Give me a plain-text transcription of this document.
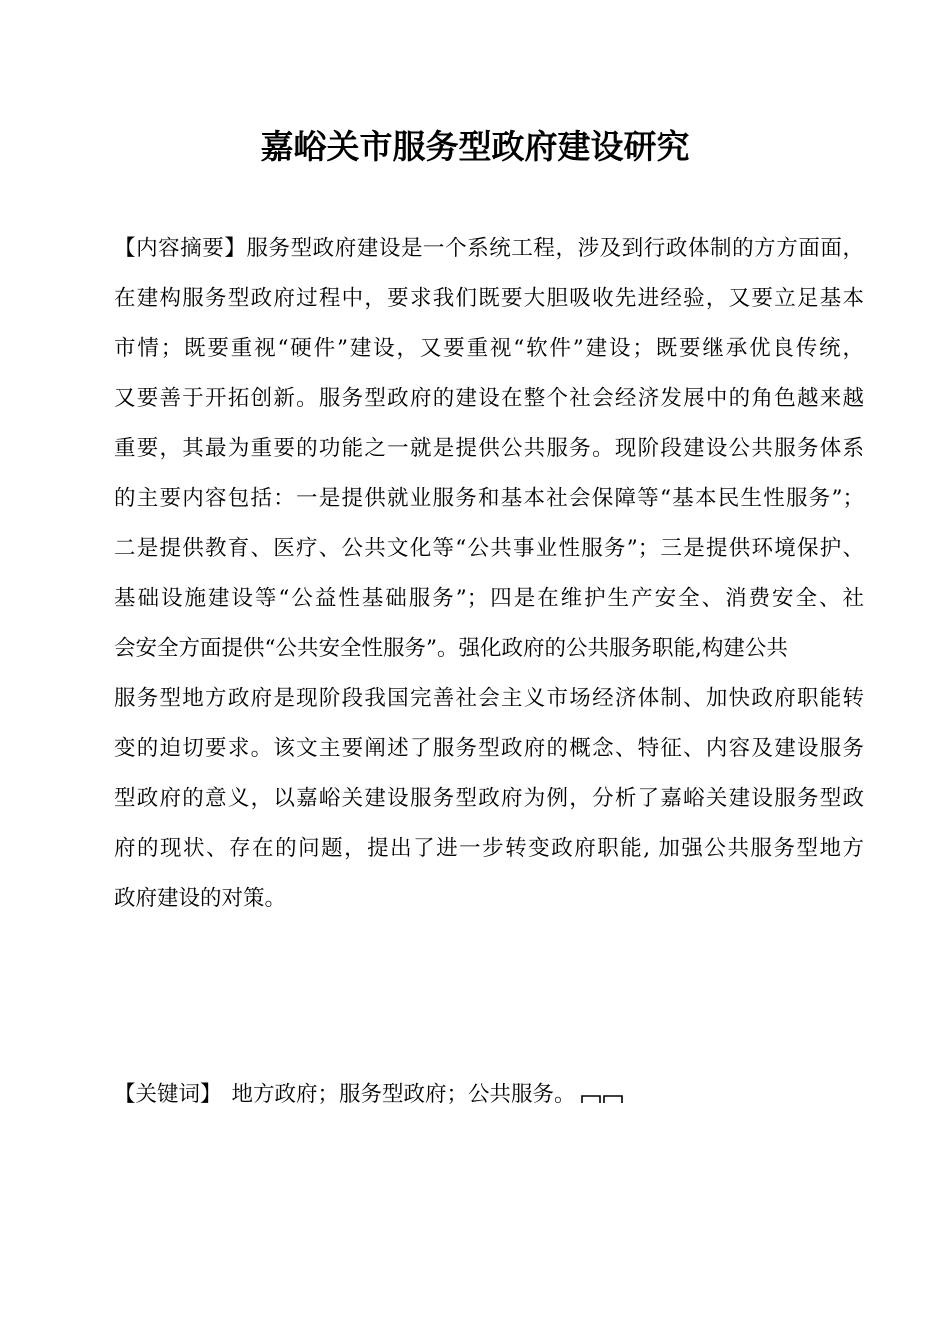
嘉峪关市服务型政府建设研究
【内容摘要】服务型政府建设是一个系统工程，涉及到行政体制的方方面面，
在建构服务型政府过程中，要求我们既要大胆吸收先进经验，又要立足基本
市情；既要重视“硬件”建设，又要重视“软件”建设；既要继承优良传统，
又要善于开拓创新。服务型政府的建设在整个社会经济发展中的角色越来越
重要，其最为重要的功能之一就是提供公共服务。现阶段建设公共服务体系
的主要内容包括：一是提供就业服务和基本社会保障等“基本民生性服务”；
二是提供教育、医疗、公共文化等“公共事业性服务”；三是提供环境保护、
基础设施建设等“公益性基础服务”；四是在维护生产安全、消费安全、社
会安全方面提供“公共安全性服务”。强化政府的公共服务职能,构建公共
服务型地方政府是现阶段我国完善社会主义市场经济体制、加快政府职能转
变的迫切要求。该文主要阐述了服务型政府的概念、特征、内容及建设服务
型政府的意义，以嘉峪关建设服务型政府为例，分析了嘉峪关建设服务型政
府的现状、存在的问题，提出了进一步转变政府职能, 加强公共服务型地方
政府建设的对策。
【关键词】 地方政府；服务型政府；公共服务。
